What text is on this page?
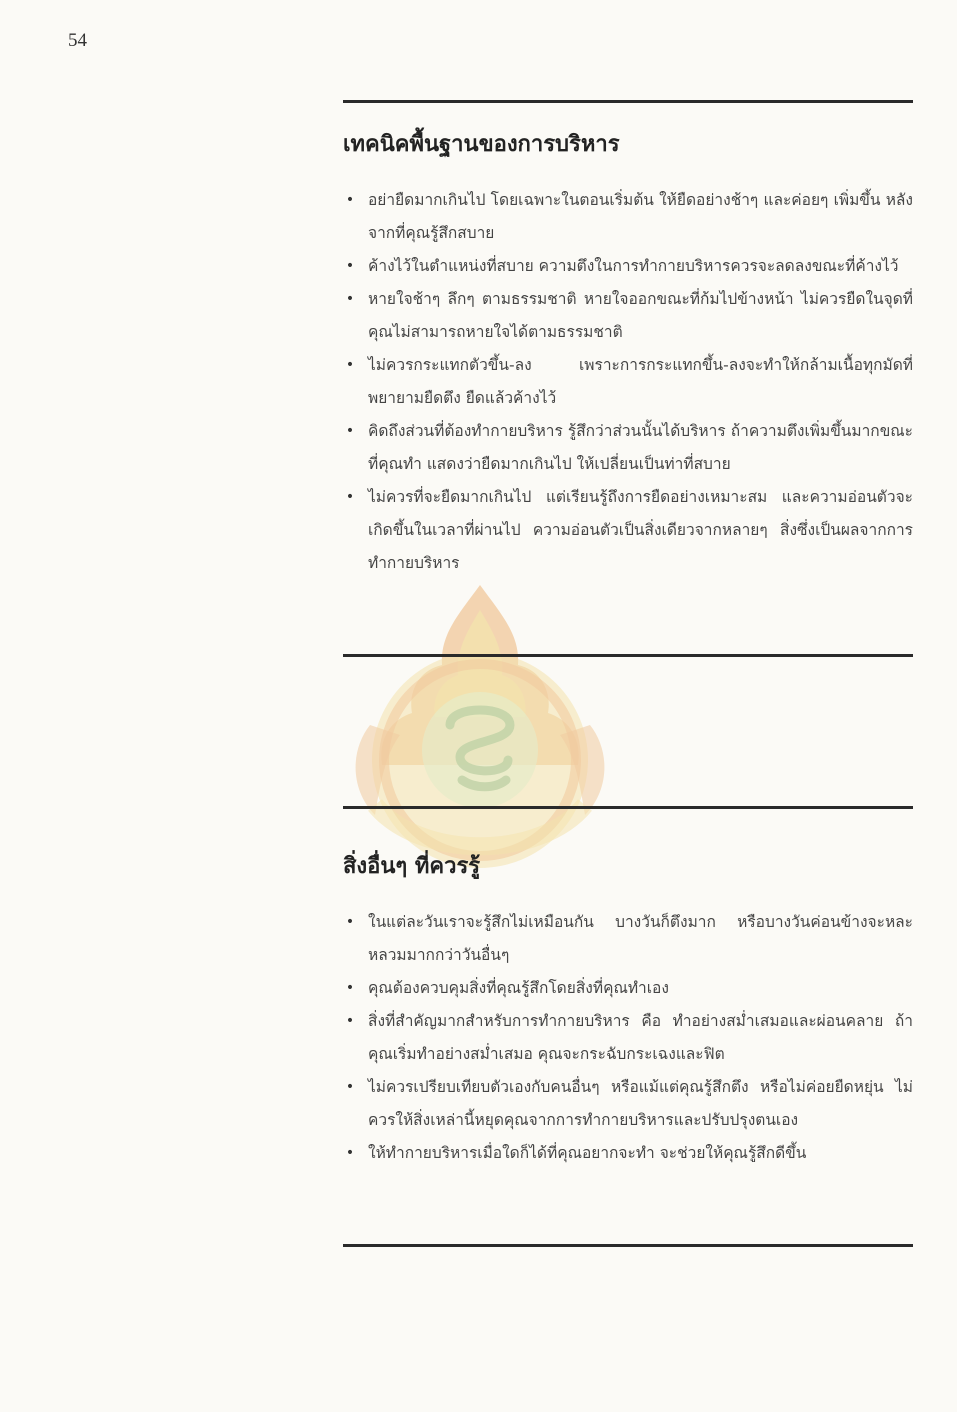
54
เทคนิคพื้นฐานของการบริหาร
• อย่ายืดมากเกินไป โดยเฉพาะในตอนเริ่มต้น ให้ยืดอย่างช้าๆ และค่อยๆ เพิ่มขึ้น หลังจากที่คุณรู้สึกสบาย
• ค้างไว้ในตำแหน่งที่สบาย ความตึงในการทำกายบริหารควรจะลดลงขณะที่ค้างไว้
• หายใจช้าๆ ลึกๆ ตามธรรมชาติ หายใจออกขณะที่ก้มไปข้างหน้า ไม่ควรยืดในจุดที่คุณไม่สามารถหายใจได้ตามธรรมชาติ
• ไม่ควรกระแทกตัวขึ้น-ลง เพราะการกระแทกขึ้น-ลงจะทำให้กล้ามเนื้อทุกมัดที่พยายามยืดตึง ยืดแล้วค้างไว้
• คิดถึงส่วนที่ต้องทำกายบริหาร รู้สึกว่าส่วนนั้นได้บริหาร ถ้าความตึงเพิ่มขึ้นมากขณะที่คุณทำ แสดงว่ายืดมากเกินไป ให้เปลี่ยนเป็นท่าที่สบาย
• ไม่ควรที่จะยืดมากเกินไป แต่เรียนรู้ถึงการยืดอย่างเหมาะสม และความอ่อนตัวจะเกิดขึ้นในเวลาที่ผ่านไป ความอ่อนตัวเป็นสิ่งเดียวจากหลายๆ สิ่งซึ่งเป็นผลจากการทำกายบริหาร
สิ่งอื่นๆ ที่ควรรู้
• ในแต่ละวันเราจะรู้สึกไม่เหมือนกัน บางวันก็ตึงมาก หรือบางวันค่อนข้างจะหละหลวมมากกว่าวันอื่นๆ
• คุณต้องควบคุมสิ่งที่คุณรู้สึกโดยสิ่งที่คุณทำเอง
• สิ่งที่สำคัญมากสำหรับการทำกายบริหาร คือ ทำอย่างสม่ำเสมอและผ่อนคลาย ถ้าคุณเริ่มทำอย่างสม่ำเสมอ คุณจะกระฉับกระเฉงและฟิต
• ไม่ควรเปรียบเทียบตัวเองกับคนอื่นๆ หรือแม้แต่คุณรู้สึกตึง หรือไม่ค่อยยืดหยุ่น ไม่ควรให้สิ่งเหล่านี้หยุดคุณจากการทำกายบริหารและปรับปรุงตนเอง
• ให้ทำกายบริหารเมื่อใดก็ได้ที่คุณอยากจะทำ จะช่วยให้คุณรู้สึกดีขึ้น
